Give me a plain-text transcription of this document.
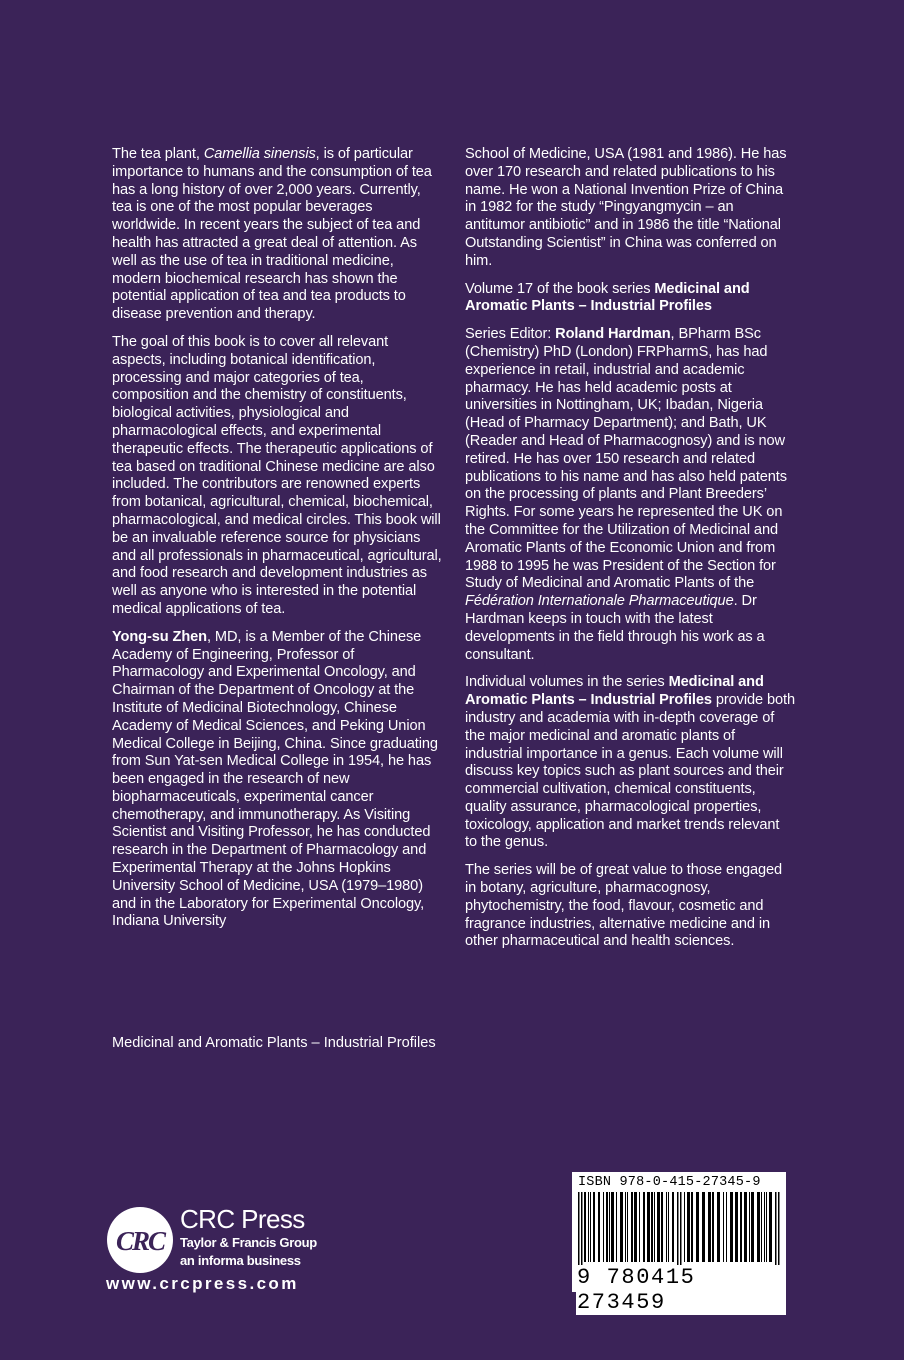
The tea plant, Camellia sinensis, is of particular importance to humans and the consumption of tea has a long history of over 2,000 years. Currently, tea is one of the most popular beverages worldwide. In recent years the subject of tea and health has attracted a great deal of attention. As well as the use of tea in traditional medicine, modern biochemical research has shown the potential application of tea and tea products to disease prevention and therapy.

The goal of this book is to cover all relevant aspects, including botanical identification, processing and major categories of tea, composition and the chemistry of constituents, biological activities, physiological and pharmacological effects, and experimental therapeutic effects. The therapeutic applications of tea based on traditional Chinese medicine are also included. The contributors are renowned experts from botanical, agricultural, chemical, biochemical, pharmacological, and medical circles. This book will be an invaluable reference source for physicians and all professionals in pharmaceutical, agricultural, and food research and development industries as well as anyone who is interested in the potential medical applications of tea.

Yong-su Zhen, MD, is a Member of the Chinese Academy of Engineering, Professor of Pharmacology and Experimental Oncology, and Chairman of the Department of Oncology at the Institute of Medicinal Biotechnology, Chinese Academy of Medical Sciences, and Peking Union Medical College in Beijing, China. Since graduating from Sun Yat-sen Medical College in 1954, he has been engaged in the research of new biopharmaceuticals, experimental cancer chemotherapy, and immunotherapy. As Visiting Scientist and Visiting Professor, he has conducted research in the Department of Pharmacology and Experimental Therapy at the Johns Hopkins University School of Medicine, USA (1979–1980) and in the Laboratory for Experimental Oncology, Indiana University

School of Medicine, USA (1981 and 1986). He has over 170 research and related publications to his name. He won a National Invention Prize of China in 1982 for the study “Pingyangmycin – an antitumor antibiotic” and in 1986 the title “National Outstanding Scientist” in China was conferred on him.

Volume 17 of the book series Medicinal and Aromatic Plants – Industrial Profiles

Series Editor: Roland Hardman, BPharm BSc (Chemistry) PhD (London) FRPharmS, has had experience in retail, industrial and academic pharmacy. He has held academic posts at universities in Nottingham, UK; Ibadan, Nigeria (Head of Pharmacy Department); and Bath, UK (Reader and Head of Pharmacognosy) and is now retired. He has over 150 research and related publications to his name and has also held patents on the processing of plants and Plant Breeders’ Rights. For some years he represented the UK on the Committee for the Utilization of Medicinal and Aromatic Plants of the Economic Union and from 1988 to 1995 he was President of the Section for Study of Medicinal and Aromatic Plants of the Fédération Internationale Pharmaceutique. Dr Hardman keeps in touch with the latest developments in the field through his work as a consultant.

Individual volumes in the series Medicinal and Aromatic Plants – Industrial Profiles provide both industry and academia with in-depth coverage of the major medicinal and aromatic plants of industrial importance in a genus. Each volume will discuss key topics such as plant sources and their commercial cultivation, chemical constituents, quality assurance, pharmacological properties, toxicology, application and market trends relevant to the genus.

The series will be of great value to those engaged in botany, agriculture, pharmacognosy, phytochemistry, the food, flavour, cosmetic and fragrance industries, alternative medicine and in other pharmaceutical and health sciences.

Medicinal and Aromatic Plants – Industrial Profiles
CRC
CRC Press
Taylor & Francis Group
an informa business
www.crcpress.com
ISBN 978-0-415-27345-9
9 780415 273459
